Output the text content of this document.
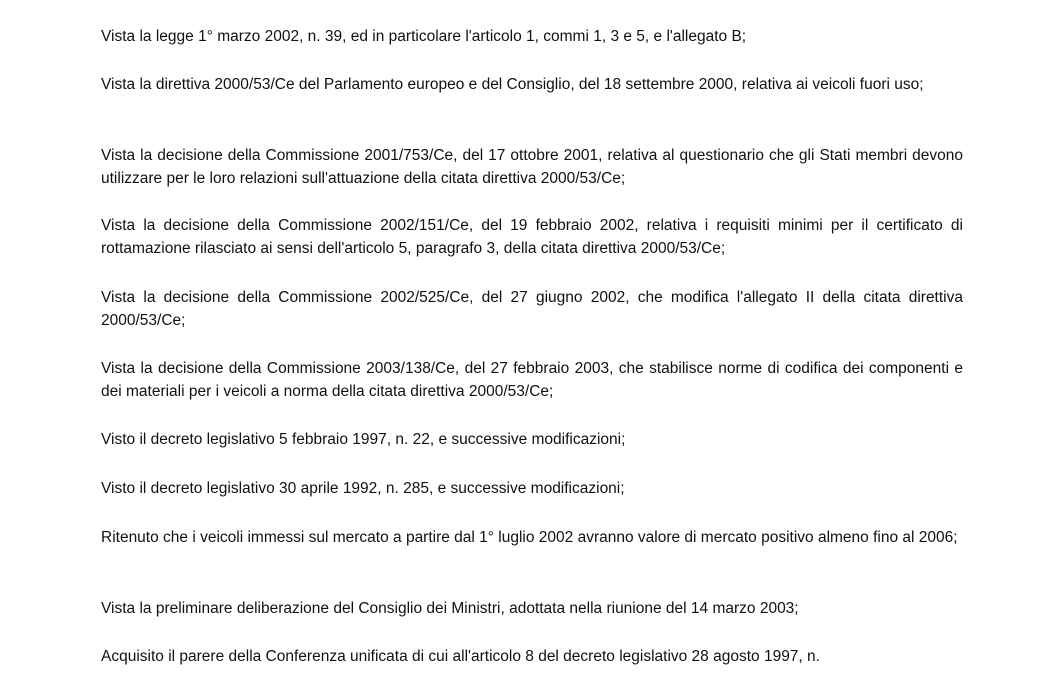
Vista la legge 1° marzo 2002, n. 39, ed in particolare l'articolo 1, commi 1, 3 e 5, e l'allegato B;

Vista la direttiva 2000/53/Ce del Parlamento europeo e del Consiglio, del 18 settembre 2000, relativa ai veicoli fuori uso;

Vista la decisione della Commissione 2001/753/Ce, del 17 ottobre 2001, relativa al questionario che gli Stati membri devono utilizzare per le loro relazioni sull'attuazione della citata direttiva 2000/53/Ce;

Vista la decisione della Commissione 2002/151/Ce, del 19 febbraio 2002, relativa i requisiti minimi per il certificato di rottamazione rilasciato ai sensi dell'articolo 5, paragrafo 3, della citata direttiva 2000/53/Ce;

Vista la decisione della Commissione 2002/525/Ce, del 27 giugno 2002, che modifica l'allegato II della citata direttiva 2000/53/Ce;

Vista la decisione della Commissione 2003/138/Ce, del 27 febbraio 2003, che stabilisce norme di codifica dei componenti e dei materiali per i veicoli a norma della citata direttiva 2000/53/Ce;

Visto il decreto legislativo 5 febbraio 1997, n. 22, e successive modificazioni;

Visto il decreto legislativo 30 aprile 1992, n. 285, e successive modificazioni;

Ritenuto che i veicoli immessi sul mercato a partire dal 1° luglio 2002 avranno valore di mercato positivo almeno fino al 2006;

Vista la preliminare deliberazione del Consiglio dei Ministri, adottata nella riunione del 14 marzo 2003;

Acquisito il parere della Conferenza unificata di cui all'articolo 8 del decreto legislativo 28 agosto 1997, n.
